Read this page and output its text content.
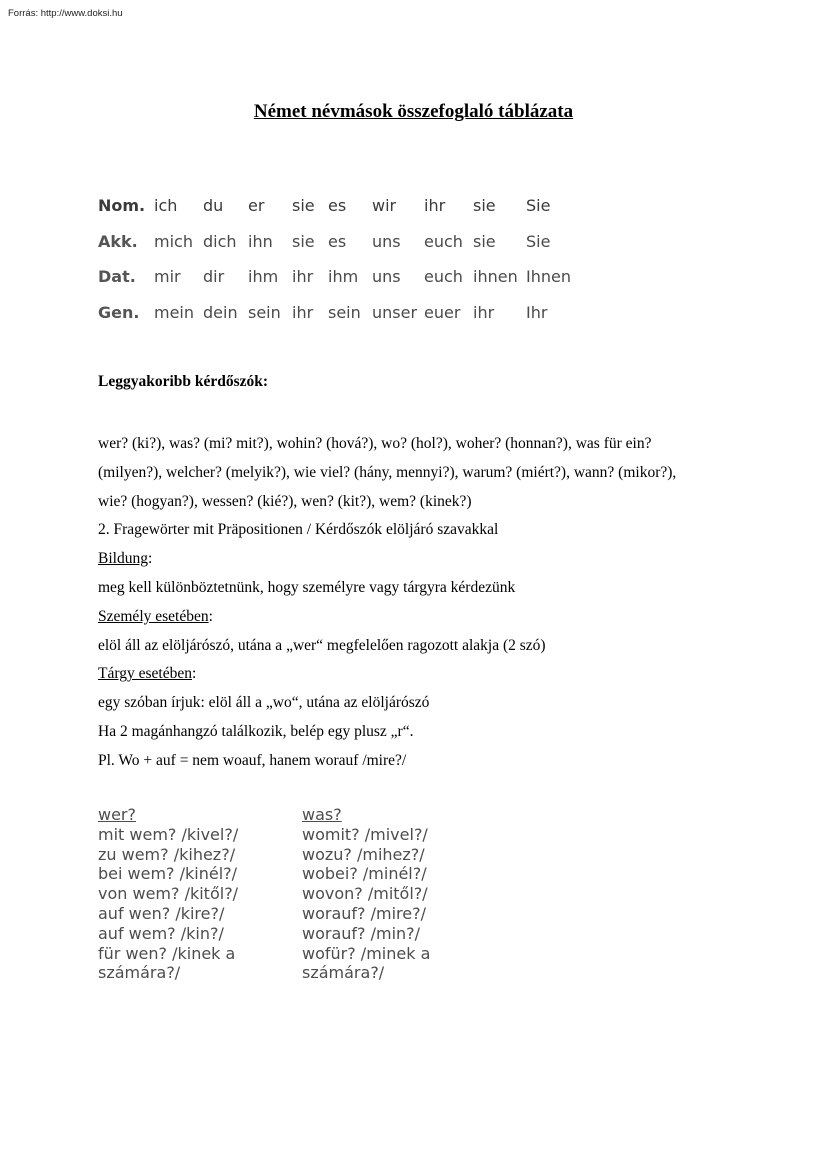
Forrás: http://www.doksi.hu
Német névmások összefoglaló táblázata
Nom. ich du er sie es wir ihr sie Sie
Akk. mich dich ihn sie es uns euch sie Sie
Dat. mir dir ihm ihr ihm uns euch ihnen Ihnen
Gen. mein dein sein ihr sein unser euer ihr Ihr
Leggyakoribb kérdőszók:
wer? (ki?), was? (mi? mit?), wohin? (hová?), wo? (hol?), woher? (honnan?), was für ein?
(milyen?), welcher? (melyik?), wie viel? (hány, mennyi?), warum? (miért?), wann? (mikor?),
wie? (hogyan?), wessen? (kié?), wen? (kit?), wem? (kinek?)
2. Fragewörter mit Präpositionen / Kérdőszók elöljáró szavakkal
Bildung:
meg kell különböztetnünk, hogy személyre vagy tárgyra kérdezünk
Személy esetében:
elöl áll az elöljárószó, utána a „wer“ megfelelően ragozott alakja (2 szó)
Tárgy esetében:
egy szóban írjuk: elöl áll a „wo“, utána az elöljárószó
Ha 2 magánhangzó találkozik, belép egy plusz „r“.
Pl. Wo + auf = nem woauf, hanem worauf /mire?/
wer?
mit wem? /kivel?/
zu wem? /kihez?/
bei wem? /kinél?/
von wem? /kitől?/
auf wen? /kire?/
auf wem? /kin?/
für wen? /kinek a
számára?/
was?
womit? /mivel?/
wozu? /mihez?/
wobei? /minél?/
wovon? /mitől?/
worauf? /mire?/
worauf? /min?/
wofür? /minek a
számára?/
